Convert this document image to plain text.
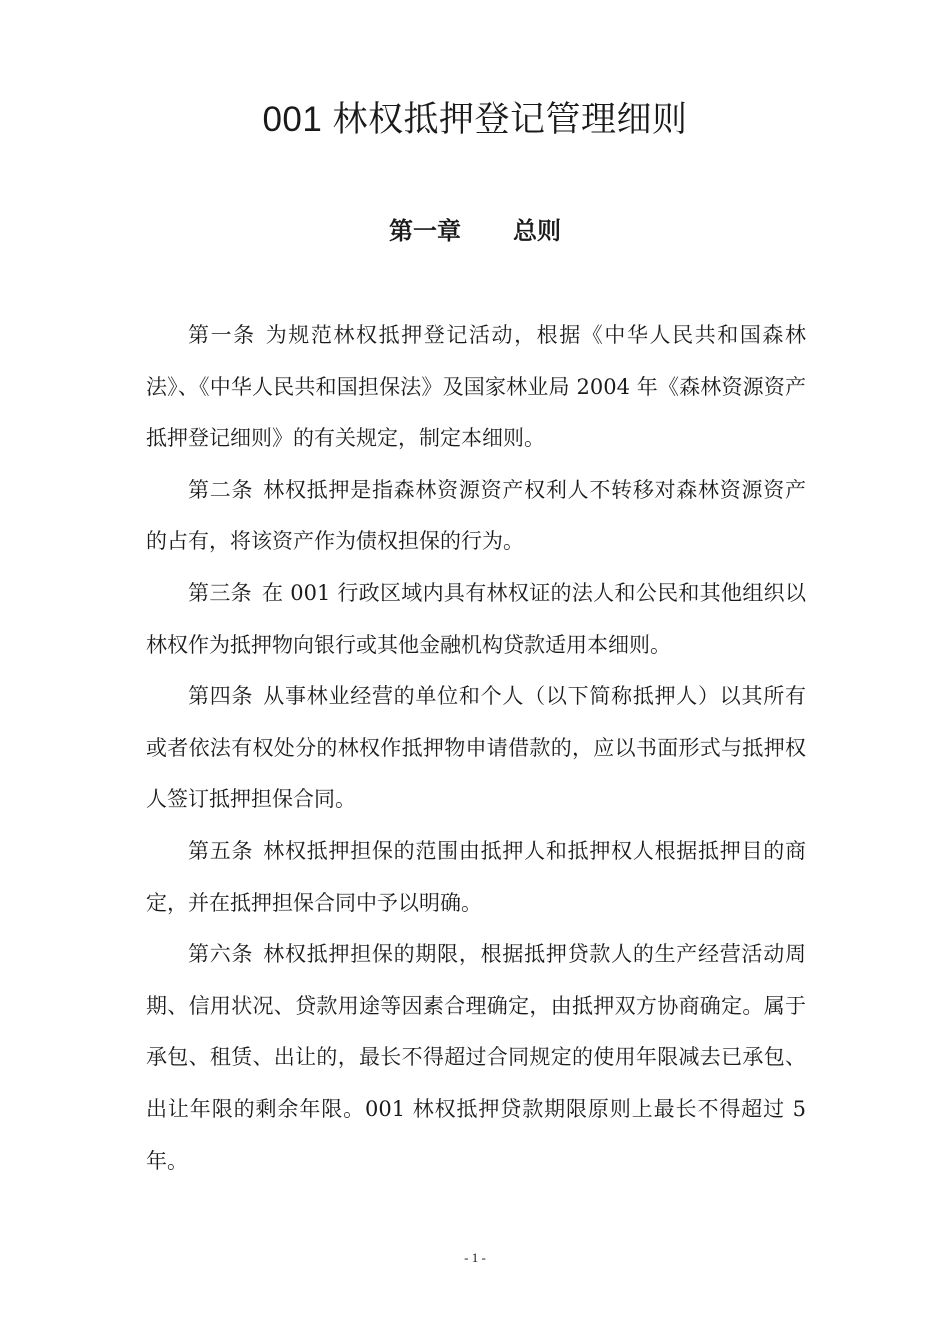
001 林权抵押登记管理细则
第一章 总则

第一条 为规范林权抵押登记活动，根据《中华人民共和国森林法》、《中华人民共和国担保法》及国家林业局 2004 年《森林资源资产抵押登记细则》的有关规定，制定本细则。

第二条 林权抵押是指森林资源资产权利人不转移对森林资源资产的占有，将该资产作为债权担保的行为。

第三条 在 001 行政区域内具有林权证的法人和公民和其他组织以林权作为抵押物向银行或其他金融机构贷款适用本细则。

第四条 从事林业经营的单位和个人（以下简称抵押人）以其所有或者依法有权处分的林权作抵押物申请借款的，应以书面形式与抵押权人签订抵押担保合同。

第五条 林权抵押担保的范围由抵押人和抵押权人根据抵押目的商定，并在抵押担保合同中予以明确。

第六条 林权抵押担保的期限，根据抵押贷款人的生产经营活动周期、信用状况、贷款用途等因素合理确定，由抵押双方协商确定。属于承包、租赁、出让的，最长不得超过合同规定的使用年限减去已承包、出让年限的剩余年限。001 林权抵押贷款期限原则上最长不得超过 5 年。

- 1 -
